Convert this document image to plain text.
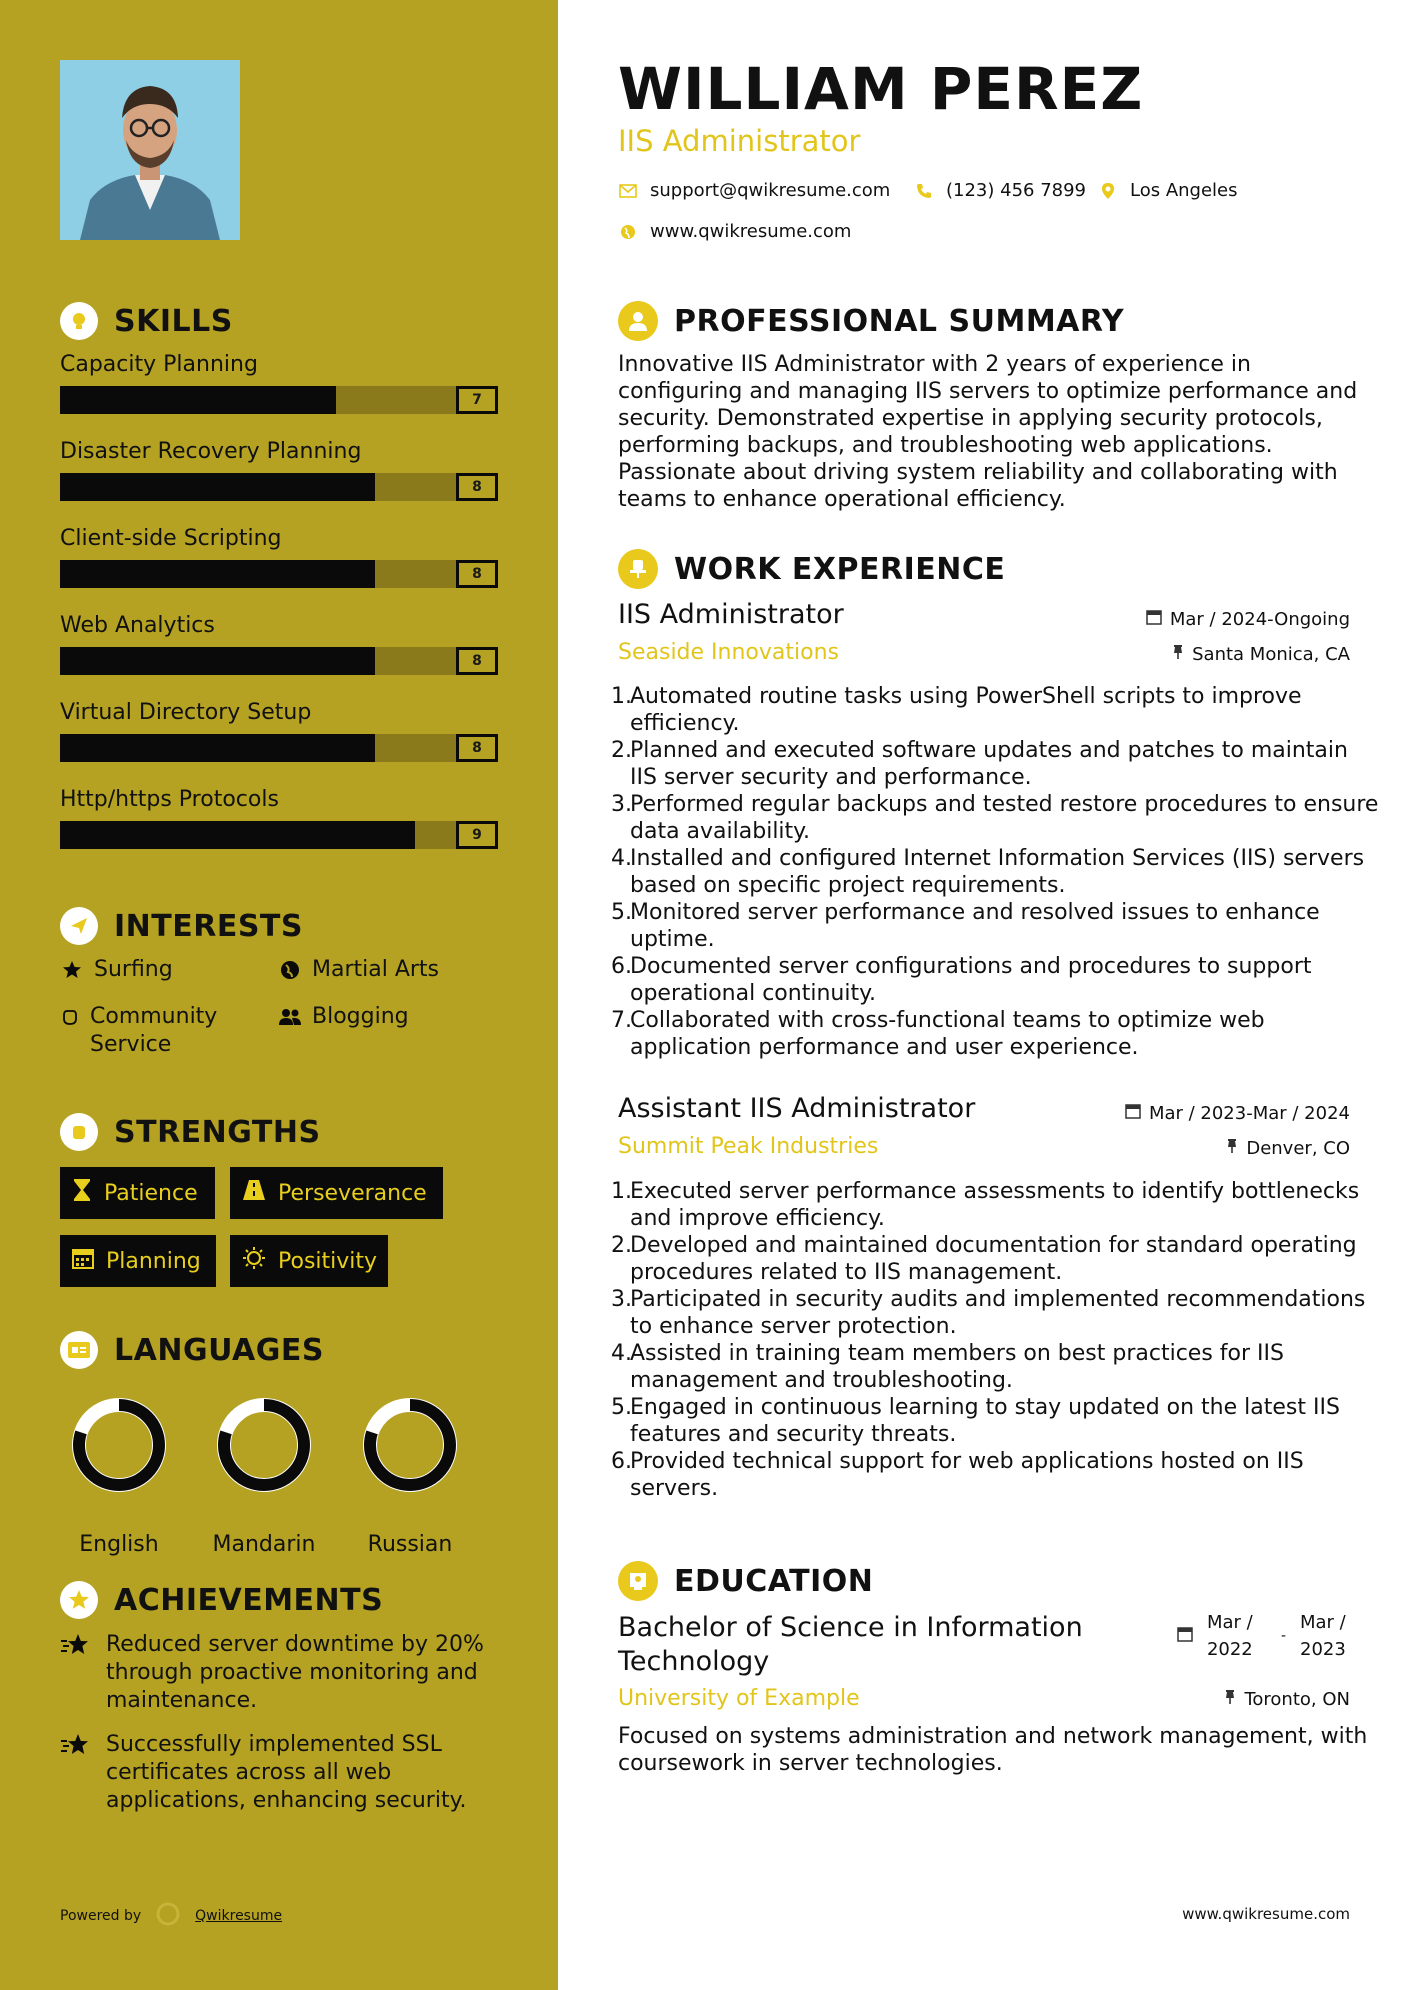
SKILLS
Capacity Planning
7
Disaster Recovery Planning
8
Client-side Scripting
8
Web Analytics
8
Virtual Directory Setup
8
Http/https Protocols
9
INTERESTS
Surfing	Martial Arts
Community Service
Blogging
STRENGTHS
Patience	Perseverance
Planning	Positivity
LANGUAGES
English	Mandarin	Russian
ACHIEVEMENTS
Reduced server downtime by 20% through proactive monitoring and maintenance.
Successfully implemented SSL certificates across all web applications, enhancing security.
Powered by	Qwikresume
WILLIAM PEREZ
IIS Administrator
support@qwikresume.com	(123) 456 7899 Los Angeles
www.qwikresume.com
PROFESSIONAL SUMMARY
Innovative IIS Administrator with 2 years of experience in configuring and managing IIS servers to optimize performance and security. Demonstrated expertise in applying security protocols, performing backups, and troubleshooting web applications. Passionate about driving system reliability and collaborating with teams to enhance operational efficiency.
WORK EXPERIENCE
IIS Administrator	Mar / 2024-Ongoing
Seaside Innovations	Santa Monica, CA
1.
Automated routine tasks using PowerShell scripts to improve efficiency.
2.
Planned and executed software updates and patches to maintain IIS server security and performance.
3.
Performed regular backups and tested restore procedures to ensure data availability.
4.
Installed and configured Internet Information Services (IIS) servers based on specific project requirements.
5.
Monitored server performance and resolved issues to enhance uptime.
6.
Documented server configurations and procedures to support operational continuity.
7.
Collaborated with cross-functional teams to optimize web application performance and user experience.
Assistant IIS Administrator	Mar / 2023-Mar / 2024
Summit Peak Industries	Denver, CO
1.
Executed server performance assessments to identify bottlenecks and improve efficiency.
2.
Developed and maintained documentation for standard operating procedures related to IIS management.
3.
Participated in security audits and implemented recommendations to enhance server protection.
4.
Assisted in training team members on best practices for IIS management and troubleshooting.
5.
Engaged in continuous learning to stay updated on the latest IIS features and security threats.
6.
Provided technical support for web applications hosted on IIS servers.
EDUCATION
Bachelor of Science in Information Technology
Mar / 2022
-
Mar / 2023
University of Example	Toronto, ON
Focused on systems administration and network management, with coursework in server technologies.
www.qwikresume.com
